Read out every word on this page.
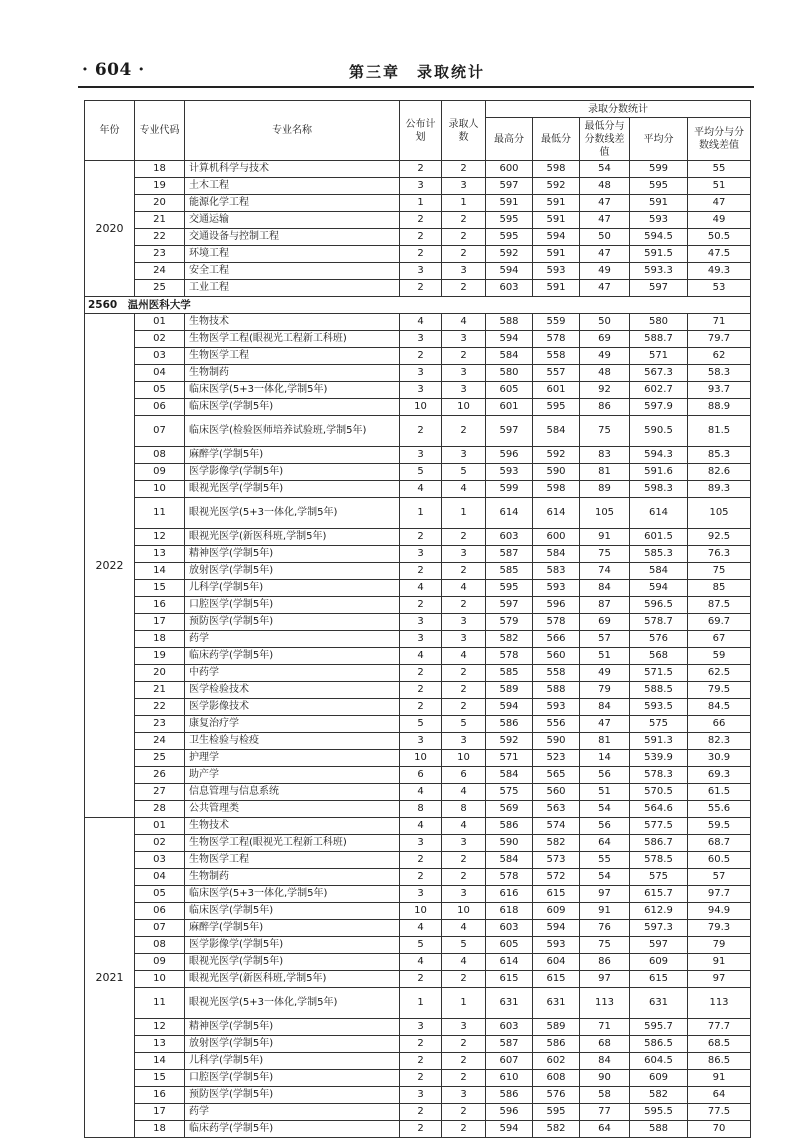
· 604 ·	第三章　录取统计
年份	专业代码	专业名称	公布计划	录取人数	录取分数统计				
					最高分	最低分	最低分与分数线差值	平均分	平均分与分数线差值
2020	18	计算机科学与技术	2	2	600	598	54	599	55
	19	土木工程	3	3	597	592	48	595	51
	20	能源化学工程	1	1	591	591	47	591	47
	21	交通运输	2	2	595	591	47	593	49
	22	交通设备与控制工程	2	2	595	594	50	594.5	50.5
	23	环境工程	2	2	592	591	47	591.5	47.5
	24	安全工程	3	3	594	593	49	593.3	49.3
	25	工业工程	2	2	603	591	47	597	53
2560　温州医科大学									
2022	01	生物技术	4	4	588	559	50	580	71
	02	生物医学工程(眼视光工程新工科班)	3	3	594	578	69	588.7	79.7
	03	生物医学工程	2	2	584	558	49	571	62
	04	生物制药	3	3	580	557	48	567.3	58.3
	05	临床医学(5+3一体化,学制5年)	3	3	605	601	92	602.7	93.7
	06	临床医学(学制5年)	10	10	601	595	86	597.9	88.9
	07	临床医学(检验医师培养试验班,学制5年)	2	2	597	584	75	590.5	81.5
	08	麻醉学(学制5年)	3	3	596	592	83	594.3	85.3
	09	医学影像学(学制5年)	5	5	593	590	81	591.6	82.6
	10	眼视光医学(学制5年)	4	4	599	598	89	598.3	89.3
	11	眼视光医学(5+3一体化,学制5年)	1	1	614	614	105	614	105
	12	眼视光医学(新医科班,学制5年)	2	2	603	600	91	601.5	92.5
	13	精神医学(学制5年)	3	3	587	584	75	585.3	76.3
	14	放射医学(学制5年)	2	2	585	583	74	584	75
	15	儿科学(学制5年)	4	4	595	593	84	594	85
	16	口腔医学(学制5年)	2	2	597	596	87	596.5	87.5
	17	预防医学(学制5年)	3	3	579	578	69	578.7	69.7
	18	药学	3	3	582	566	57	576	67
	19	临床药学(学制5年)	4	4	578	560	51	568	59
	20	中药学	2	2	585	558	49	571.5	62.5
	21	医学检验技术	2	2	589	588	79	588.5	79.5
	22	医学影像技术	2	2	594	593	84	593.5	84.5
	23	康复治疗学	5	5	586	556	47	575	66
	24	卫生检验与检疫	3	3	592	590	81	591.3	82.3
	25	护理学	10	10	571	523	14	539.9	30.9
	26	助产学	6	6	584	565	56	578.3	69.3
	27	信息管理与信息系统	4	4	575	560	51	570.5	61.5
	28	公共管理类	8	8	569	563	54	564.6	55.6
2021	01	生物技术	4	4	586	574	56	577.5	59.5
	02	生物医学工程(眼视光工程新工科班)	3	3	590	582	64	586.7	68.7
	03	生物医学工程	2	2	584	573	55	578.5	60.5
	04	生物制药	2	2	578	572	54	575	57
	05	临床医学(5+3一体化,学制5年)	3	3	616	615	97	615.7	97.7
	06	临床医学(学制5年)	10	10	618	609	91	612.9	94.9
	07	麻醉学(学制5年)	4	4	603	594	76	597.3	79.3
	08	医学影像学(学制5年)	5	5	605	593	75	597	79
	09	眼视光医学(学制5年)	4	4	614	604	86	609	91
	10	眼视光医学(新医科班,学制5年)	2	2	615	615	97	615	97
	11	眼视光医学(5+3一体化,学制5年)	1	1	631	631	113	631	113
	12	精神医学(学制5年)	3	3	603	589	71	595.7	77.7
	13	放射医学(学制5年)	2	2	587	586	68	586.5	68.5
	14	儿科学(学制5年)	2	2	607	602	84	604.5	86.5
	15	口腔医学(学制5年)	2	2	610	608	90	609	91
	16	预防医学(学制5年)	3	3	586	576	58	582	64
	17	药学	2	2	596	595	77	595.5	77.5
	18	临床药学(学制5年)	2	2	594	582	64	588	70
